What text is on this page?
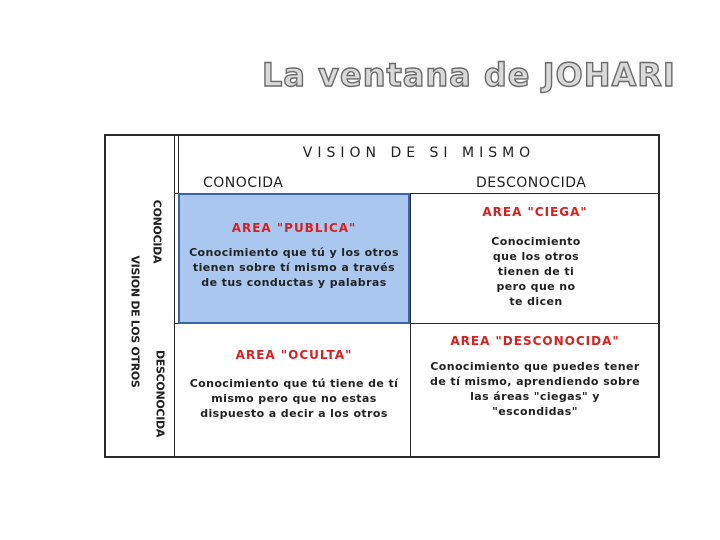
La ventana de JOHARI
VISION DE SI MISMO
CONOCIDA	DESCONOCIDA
CONOCIDA
VISION DE LOS OTROS
DESCONOCIDA
AREA "PUBLICA"
Conocimiento que tú y los otros tienen sobre tí mismo a través de tus conductas y palabras
AREA "CIEGA"
Conocimiento que los otros tienen de ti pero que no te dicen
AREA "OCULTA"
Conocimiento que tú tiene de tí mismo pero que no estas dispuesto a decir a los otros
AREA "DESCONOCIDA"
Conocimiento que puedes tener de tí mismo, aprendiendo sobre las áreas "ciegas" y "escondidas"
